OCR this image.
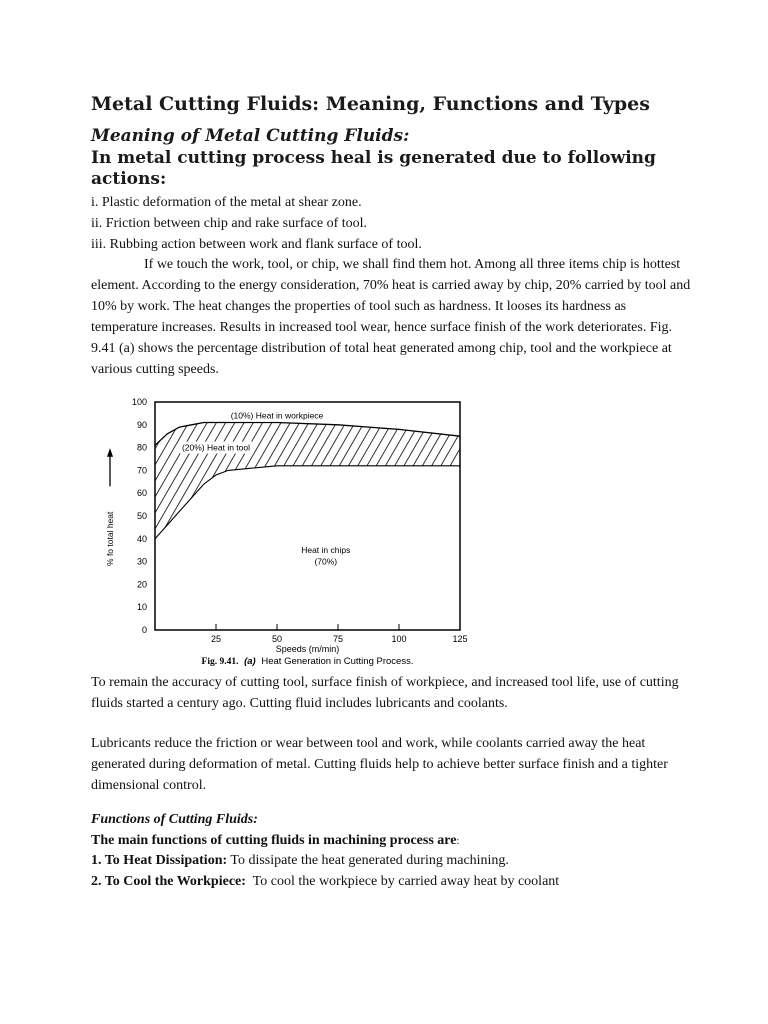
Metal Cutting Fluids: Meaning, Functions and Types
Meaning of Metal Cutting Fluids:
In metal cutting process heal is generated due to following actions:
i. Plastic deformation of the metal at shear zone.
ii. Friction between chip and rake surface of tool.
iii. Rubbing action between work and flank surface of tool.

If we touch the work, tool, or chip, we shall find them hot. Among all three items chip is hottest element. According to the energy consideration, 70% heat is carried away by chip, 20% carried by tool and 10% by work. The heat changes the properties of tool such as hardness. It looses its hardness as temperature increases. Results in increased tool wear, hence surface finish of the work deteriorates. Fig. 9.41 (a) shows the percentage distribution of total heat generated among chip, tool and the workpiece at various cutting speeds.

0
10
20
30
40
50
60
70
80
90
100
25	50	75	100	125
(10%) Heat in workpiece
(20%) Heat in tool
Heat in chips
(70%)
% fo total heat
Speeds (m/min)
Fig. 9.41. (a) Heat Generation in Cutting Process.

To remain the accuracy of cutting tool, surface finish of workpiece, and increased tool life, use of cutting fluids started a century ago. Cutting fluid includes lubricants and coolants.

Lubricants reduce the friction or wear between tool and work, while coolants carried away the heat generated during deformation of metal. Cutting fluids help to achieve better surface finish and a tighter dimensional control.

Functions of Cutting Fluids:
The main functions of cutting fluids in machining process are:
1. To Heat Dissipation: To dissipate the heat generated during machining.
2. To Cool the Workpiece:  To cool the workpiece by carried away heat by coolant
